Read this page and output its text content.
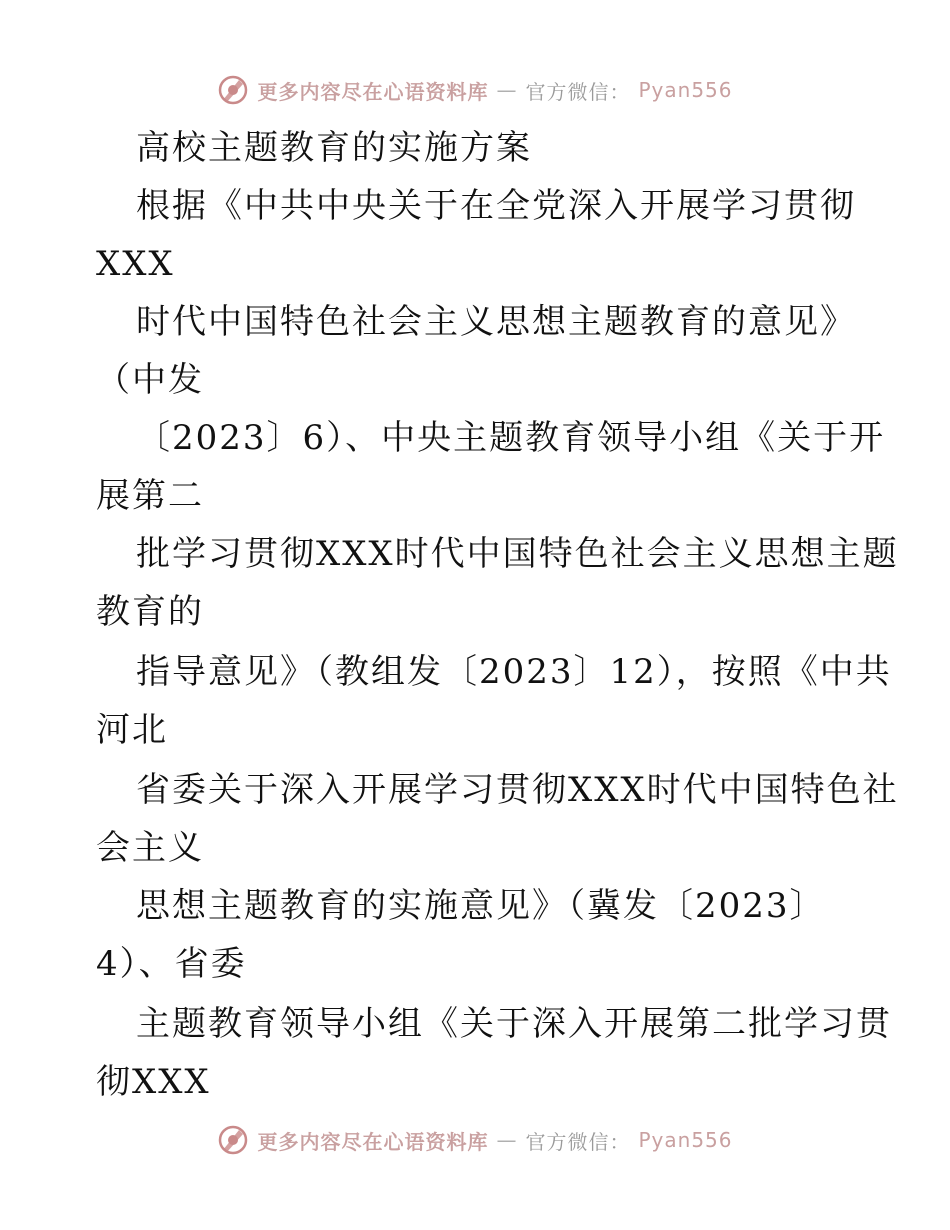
更多内容尽在心语资料库 — 官方微信： Pyan556
高校主题教育的实施方案
根据《中共中央关于在全党深入开展学习贯彻
XXX
时代中国特色社会主义思想主题教育的意见》
（中发
〔2023〕6）、中央主题教育领导小组《关于开
展第二
批学习贯彻XXX时代中国特色社会主义思想主题
教育的
指导意见》（教组发〔2023〕12），按照《中共
河北
省委关于深入开展学习贯彻XXX时代中国特色社
会主义
思想主题教育的实施意见》（冀发〔2023〕
4）、省委
主题教育领导小组《关于深入开展第二批学习贯
彻XXX
更多内容尽在心语资料库 — 官方微信： Pyan556
